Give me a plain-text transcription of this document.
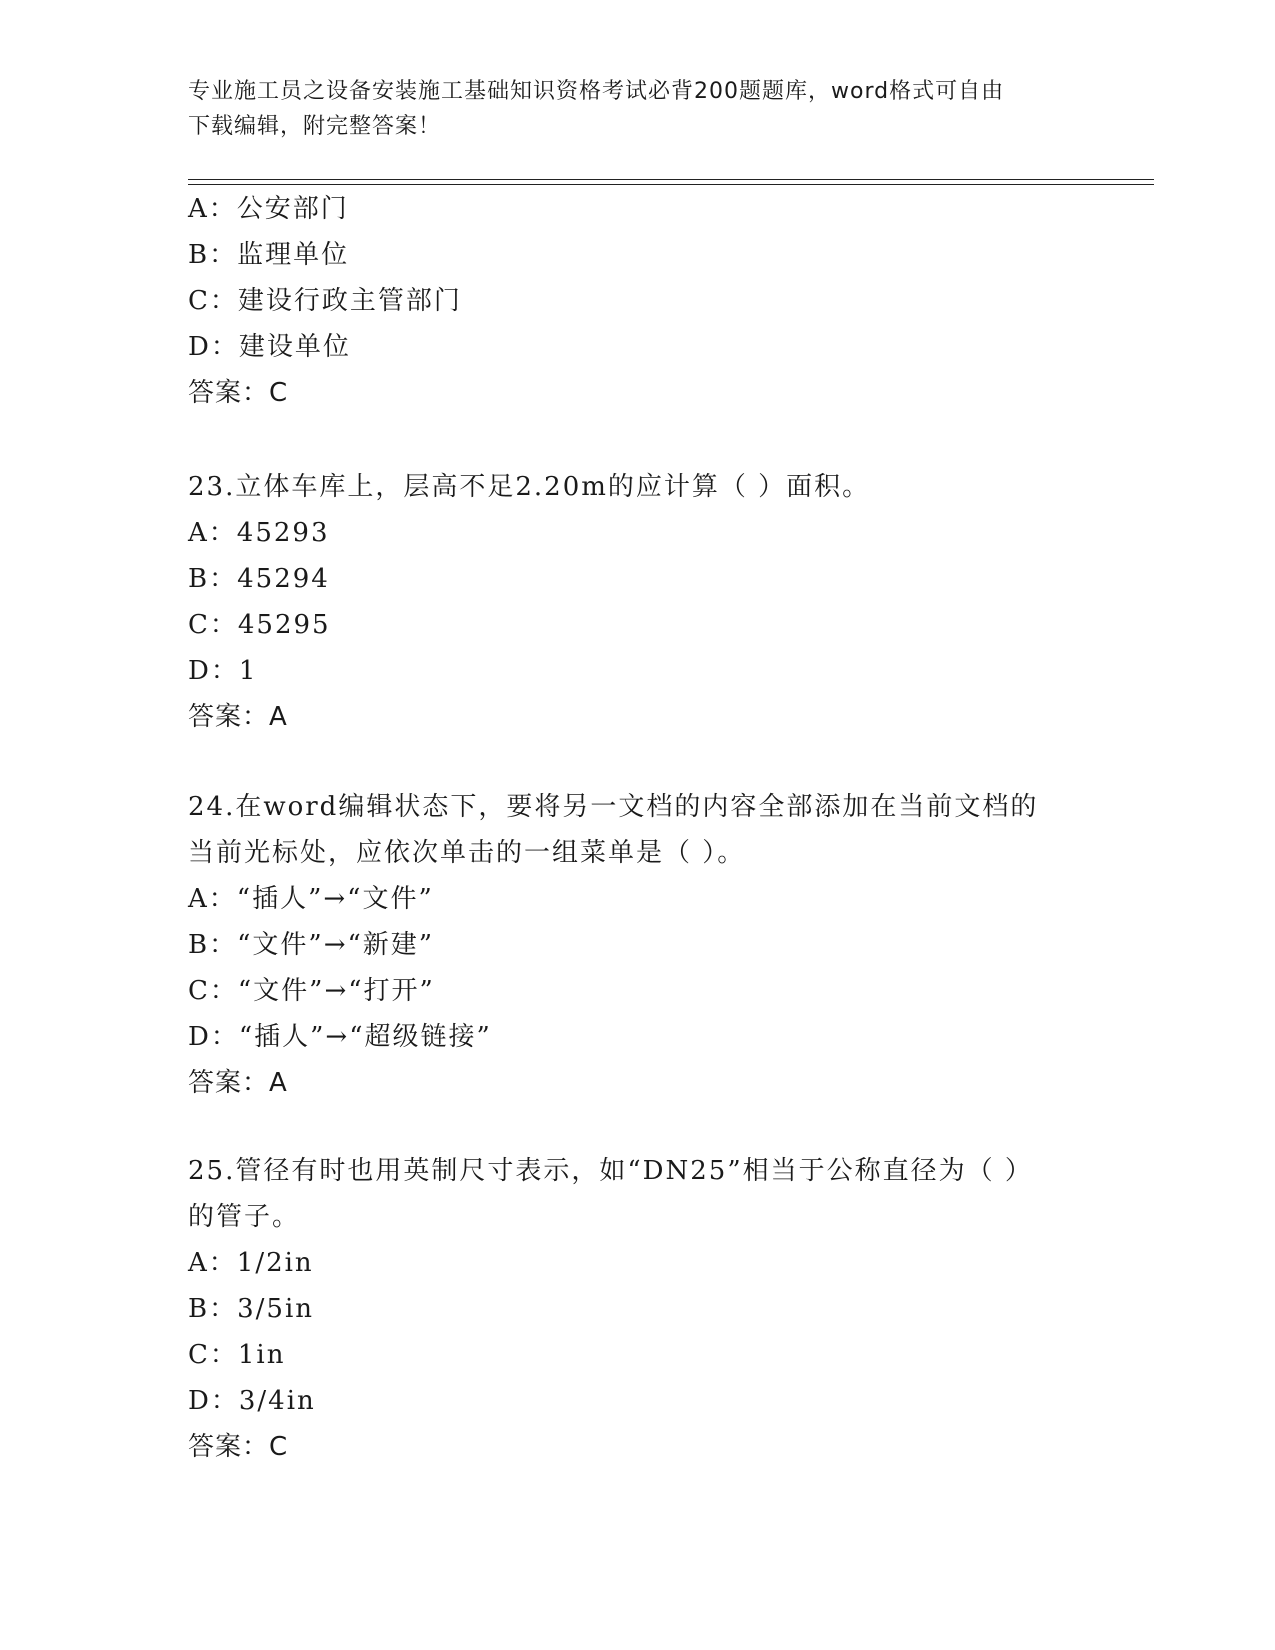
专业施工员之设备安装施工基础知识资格考试必背200题题库，word格式可自由
下载编辑，附完整答案！
A：公安部门
B：监理单位
C：建设行政主管部门
D：建设单位
答案：C
23.立体车库上，层高不足2.20m的应计算（ ）面积。
A：45293
B：45294
C：45295
D：1
答案：A
24.在word编辑状态下，要将另一文档的内容全部添加在当前文档的
当前光标处，应依次单击的一组菜单是（ ）。
A：“插人”→“文件”
B：“文件”→“新建”
C：“文件”→“打开”
D：“插人”→“超级链接”
答案：A
25.管径有时也用英制尺寸表示，如“DN25”相当于公称直径为（ ）
的管子。
A：1/2in
B：3/5in
C：1in
D：3/4in
答案：C
